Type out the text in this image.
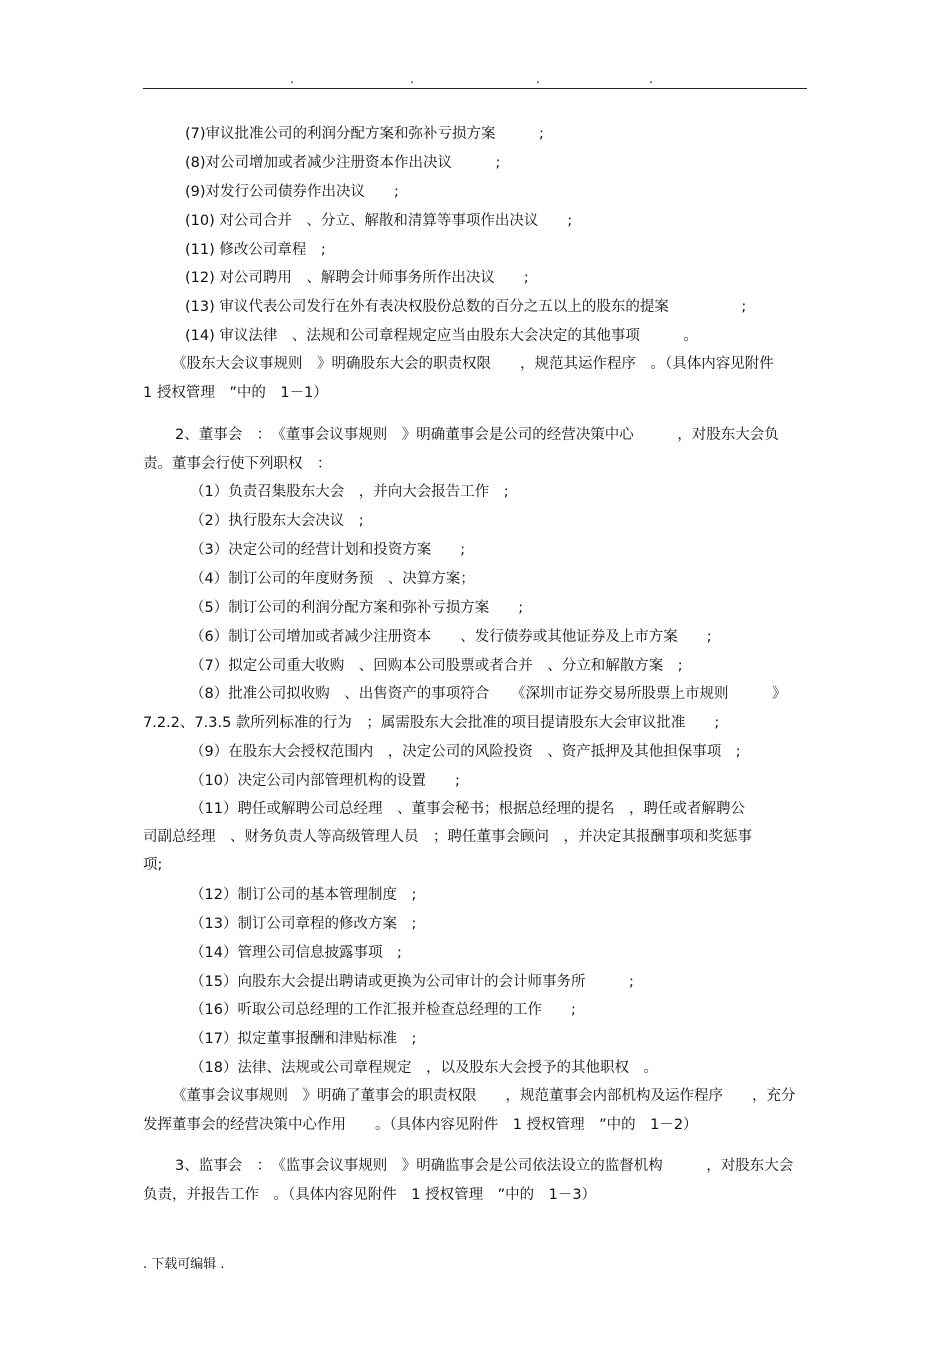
.	.	.	.
(7)审议批准公司的利润分配方案和弥补亏损方案　　　;
(8)对公司增加或者减少注册资本作出决议　　　;
(9)对发行公司债券作出决议　　;
(10) 对公司合并　、分立、解散和清算等事项作出决议　　;
(11) 修改公司章程　;
(12) 对公司聘用　、解聘会计师事务所作出决议　　;
(13) 审议代表公司发行在外有表决权股份总数的百分之五以上的股东的提案　　　　　;
(14) 审议法律　、法规和公司章程规定应当由股东大会决定的其他事项　　　。
《股东大会议事规则　》明确股东大会的职责权限　　，规范其运作程序　。（具体内容见附件
1 授权管理　”中的　1－1）
2、董事会　：　《董事会议事规则　》明确董事会是公司的经营决策中心　　　，对股东大会负
责。董事会行使下列职权　：
（1）负责召集股东大会　，并向大会报告工作　;
（2）执行股东大会决议　;
（3）决定公司的经营计划和投资方案　　;
（4）制订公司的年度财务预　、决算方案；
（5）制订公司的利润分配方案和弥补亏损方案　　;
（6）制订公司增加或者减少注册资本　　、发行债券或其他证券及上市方案　　;
（7）拟定公司重大收购　、回购本公司股票或者合并　、分立和解散方案　;
（8）批准公司拟收购　、出售资产的事项符合　　《深圳市证券交易所股票上市规则　　　》
7.2.2、7.3.5 款所列标准的行为　；属需股东大会批准的项目提请股东大会审议批准　　;
（9）在股东大会授权范围内　，决定公司的风险投资　、资产抵押及其他担保事项　;
（10）决定公司内部管理机构的设置　　;
（11）聘任或解聘公司总经理　、董事会秘书；根据总经理的提名　，聘任或者解聘公
司副总经理　、财务负责人等高级管理人员　；聘任董事会顾问　，并决定其报酬事项和奖惩事
项;
（12）制订公司的基本管理制度　;
（13）制订公司章程的修改方案　;
（14）管理公司信息披露事项　;
（15）向股东大会提出聘请或更换为公司审计的会计师事务所　　　;
（16）听取公司总经理的工作汇报并检查总经理的工作　　;
（17）拟定董事报酬和津贴标准　;
（18）法律、法规或公司章程规定　，以及股东大会授予的其他职权　。
《董事会议事规则　》明确了董事会的职责权限　　，规范董事会内部机构及运作程序　　，充分
发挥董事会的经营决策中心作用　　。（具体内容见附件　1 授权管理　”中的　1－2）
3、监事会　：　《监事会议事规则　》明确监事会是公司依法设立的监督机构　　　，对股东大会
负责，并报告工作　。（具体内容见附件　1 授权管理　”中的　1－3）
. 下载可编辑 .
